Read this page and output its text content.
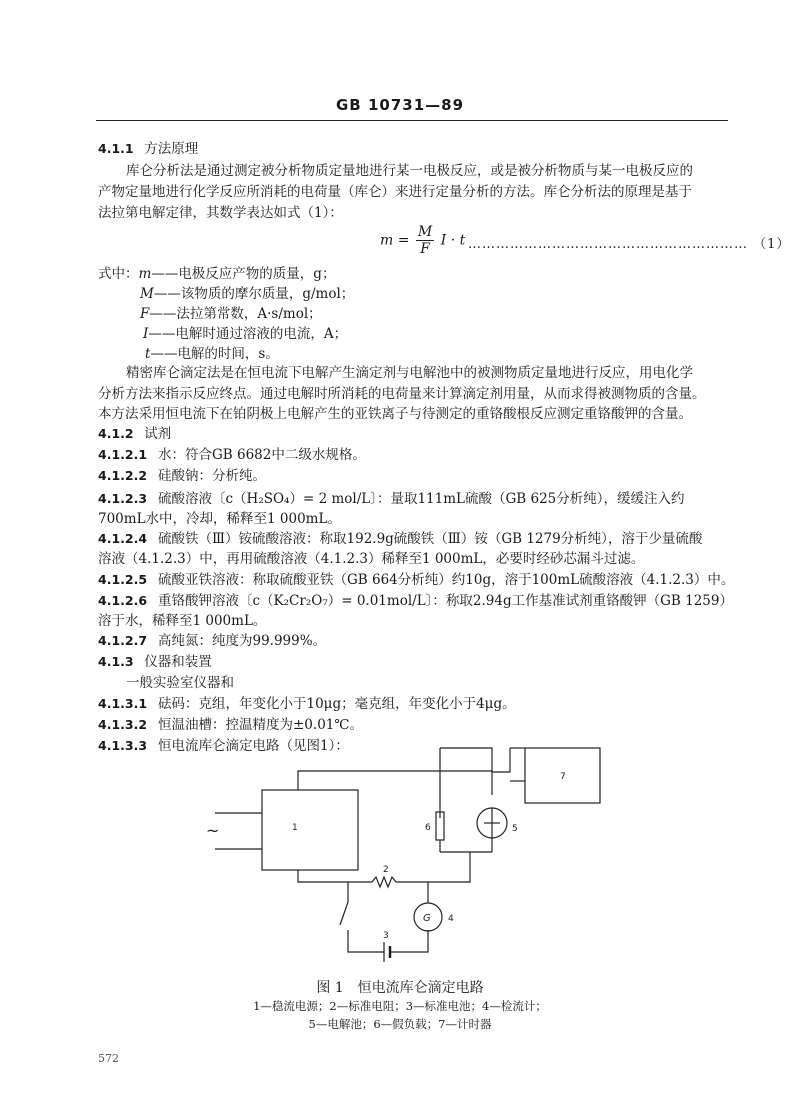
GB 10731—89
4.1.1 方法原理
库仑分析法是通过测定被分析物质定量地进行某一电极反应，或是被分析物质与某一电极反应的
产物定量地进行化学反应所消耗的电荷量（库仑）来进行定量分析的方法。库仑分析法的原理是基于
法拉第电解定律，其数学表达如式（1）：
$m = \frac{M}{F}$ I · t …………………………………………………… （1）
式中：m——电极反应产物的质量，g；
M——该物质的摩尔质量，g/mol；
F——法拉第常数，A·s/mol；
I——电解时通过溶液的电流，A；
t——电解的时间，s。
精密库仑滴定法是在恒电流下电解产生滴定剂与电解池中的被测物质定量地进行反应，用电化学
分析方法来指示反应终点。通过电解时所消耗的电荷量来计算滴定剂用量，从而求得被测物质的含量。
本方法采用恒电流下在铂阴极上电解产生的亚铁离子与待测定的重铬酸根反应测定重铬酸钾的含量。
4.1.2 试剂
4.1.2.1 水：符合GB 6682中二级水规格。
4.1.2.2 硅酸钠：分析纯。
4.1.2.3 硫酸溶液〔c（H₂SO₄）= 2 mol/L〕：量取111mL硫酸（GB 625分析纯），缓缓注入约
700mL水中，冷却，稀释至1 000mL。
4.1.2.4 硫酸铁（Ⅲ）铵硫酸溶液：称取192.9g硫酸铁（Ⅲ）铵（GB 1279分析纯），溶于少量硫酸
溶液（4.1.2.3）中，再用硫酸溶液（4.1.2.3）稀释至1 000mL，必要时经砂芯漏斗过滤。
4.1.2.5 硫酸亚铁溶液：称取硫酸亚铁（GB 664分析纯）约10g，溶于100mL硫酸溶液（4.1.2.3）中。
4.1.2.6 重铬酸钾溶液〔c（K₂Cr₂O₇）= 0.01mol/L〕：称取2.94g工作基准试剂重铬酸钾（GB 1259）
溶于水，稀释至1 000mL。
4.1.2.7 高纯氮：纯度为99.999%。
4.1.3 仪器和装置
一般实验室仪器和
4.1.3.1 砝码：克组，年变化小于10μg；毫克组，年变化小于4μg。
4.1.3.2 恒温油槽：控温精度为±0.01℃。
4.1.3.3 恒电流库仑滴定电路（见图1）：
~	1
7
6	5
2
3
G 4
图 1　恒电流库仑滴定电路
1—稳流电源；2—标准电阻；3—标准电池；4—检流计；
5—电解池；6—假负载；7—计时器
572
